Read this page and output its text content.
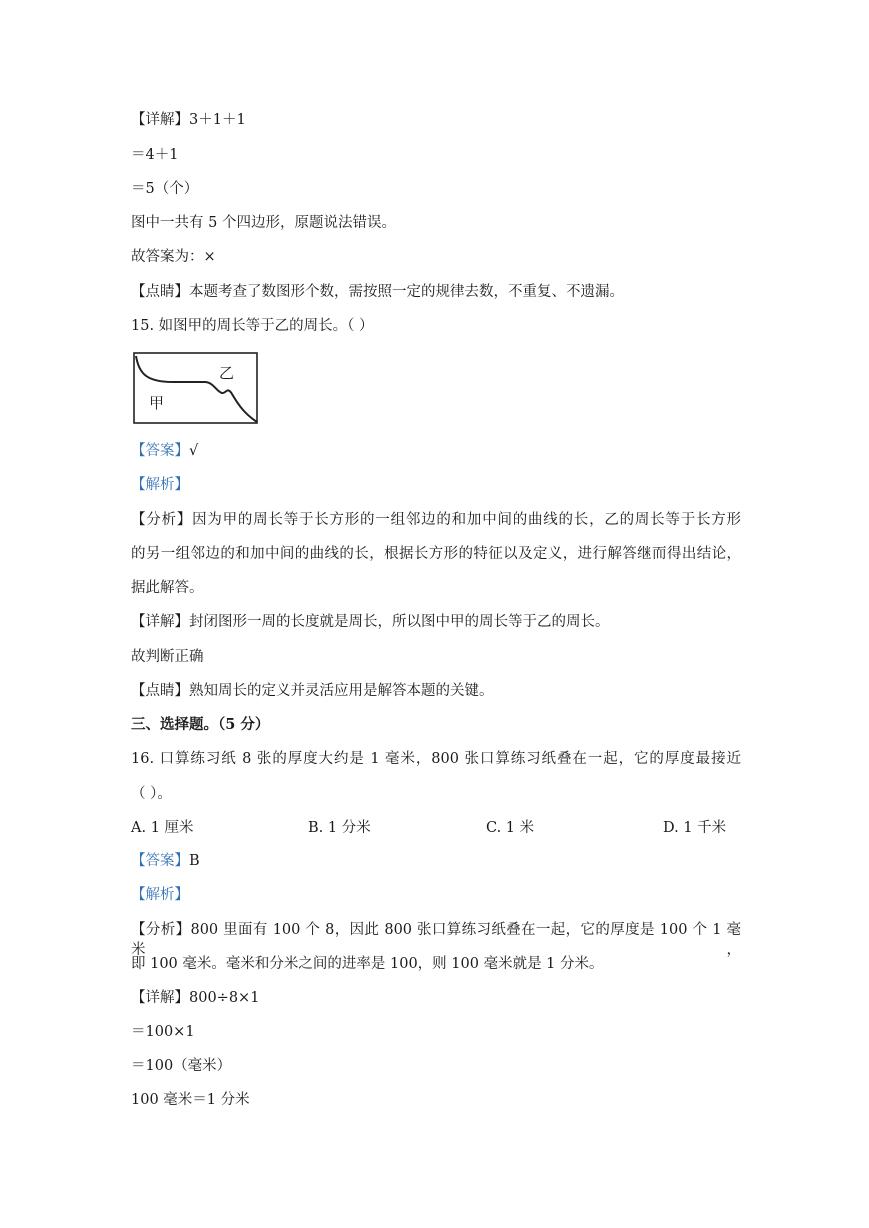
【详解】3＋1＋1
＝4＋1
＝5（个）
图中一共有 5 个四边形，原题说法错误。
故答案为：×
【点睛】本题考查了数图形个数，需按照一定的规律去数，不重复、不遗漏。
15. 如图甲的周长等于乙的周长。（ ）
甲
乙
【答案】√
【解析】
【分析】因为甲的周长等于长方形的一组邻边的和加中间的曲线的长，乙的周长等于长方形
的另一组邻边的和加中间的曲线的长，根据长方形的特征以及定义，进行解答继而得出结论，
据此解答。
【详解】封闭图形一周的长度就是周长，所以图中甲的周长等于乙的周长。
故判断正确
【点睛】熟知周长的定义并灵活应用是解答本题的关键。
三、选择题。（5 分）
16. 口算练习纸 8 张的厚度大约是 1 毫米，800 张口算练习纸叠在一起，它的厚度最接近
（ ）。
A. 1 厘米	B. 1 分米	C. 1 米	D. 1 千米
【答案】B
【解析】
【分析】800 里面有 100 个 8，因此 800 张口算练习纸叠在一起，它的厚度是 100 个 1 毫米，
即 100 毫米。毫米和分米之间的进率是 100，则 100 毫米就是 1 分米。
【详解】800÷8×1
＝100×1
＝100（毫米）
100 毫米＝1 分米
